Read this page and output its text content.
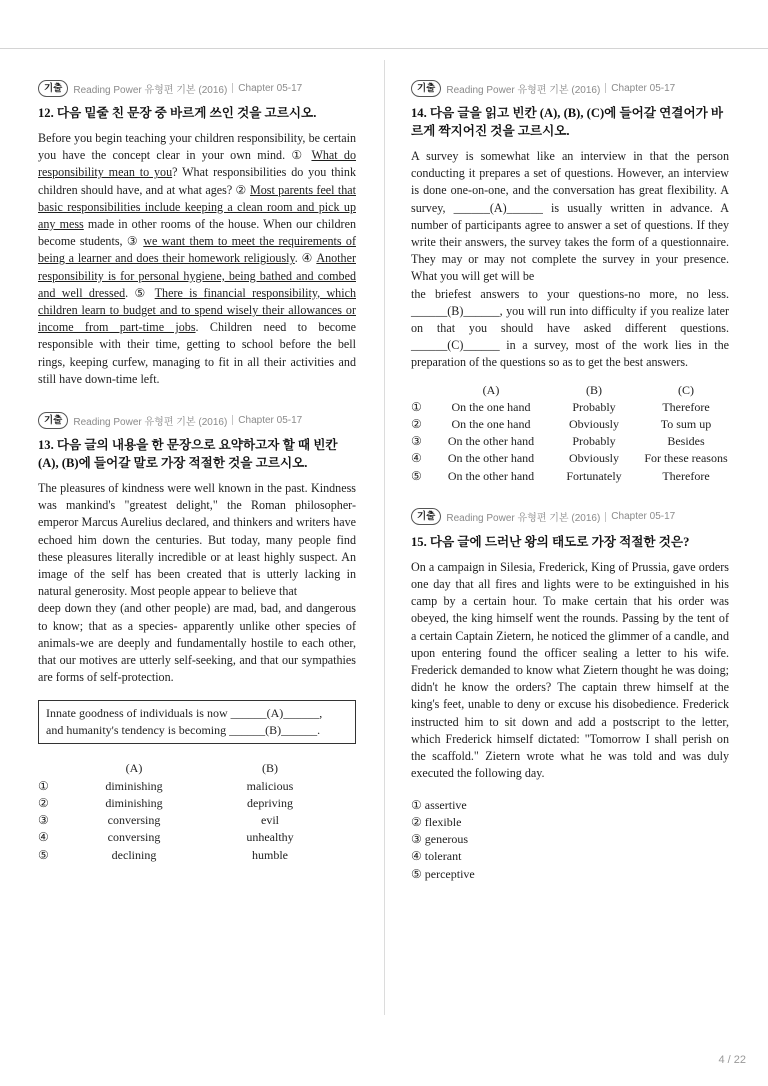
기출	Reading Power 유형편 기본 (2016) Chapter 05-17
12. 다음 밑줄 친 문장 중 바르게 쓰인 것을 고르시오.

Before you begin teaching your children responsibility, be certain you have the concept clear in your own mind. ① What do responsibility mean to you? What responsibilities do you think children should have, and at what ages? ② Most parents feel that basic responsibilities include keeping a clean room and pick up any mess made in other rooms of the house. When our children become students, ③ we want them to meet the requirements of being a learner and does their homework religiously. ④ Another responsibility is for personal hygiene, being bathed and combed and well dressed. ⑤ There is financial responsibility, which children learn to budget and to spend wisely their allowances or income from part-time jobs. Children need to become responsible with their time, getting to school before the bell rings, keeping curfew, managing to fit in all their activities and still have down-time left.

기출	Reading Power 유형편 기본 (2016) Chapter 05-17
13. 다음 글의 내용을 한 문장으로 요약하고자 할 때 빈칸 (A), (B)에 들어갈 말로 가장 적절한 것을 고르시오.

The pleasures of kindness were well known in the past. Kindness was mankind's "greatest delight," the Roman philosopher-emperor Marcus Aurelius declared, and thinkers and writers have echoed him down the centuries. But today, many people find these pleasures literally incredible or at least highly suspect. An image of the self has been created that is utterly lacking in natural generosity. Most people appear to believe that

deep down they (and other people) are mad, bad, and dangerous to know; that as a species- apparently unlike other species of animals-we are deeply and fundamentally hostile to each other, that our motives are utterly self-seeking, and that our sympathies are forms of self-protection.

Innate goodness of individuals is now ______(A)______,
and humanity's tendency is becoming ______(B)______.
	(A)	(B)
①	diminishing	malicious
②	diminishing	depriving
③	conversing	evil
④	conversing	unhealthy
⑤	declining	humble
기출	Reading Power 유형편 기본 (2016) Chapter 05-17
14. 다음 글을 읽고 빈칸 (A), (B), (C)에 들어갈 연결어가 바르게 짝지어진 것을 고르시오.

A survey is somewhat like an interview in that the person conducting it prepares a set of questions. However, an interview is done one-on-one, and the conversation has great flexibility. A survey, ______(A)______ is usually written in advance. A number of participants agree to answer a set of questions. If they write their answers, the survey takes the form of a questionnaire. They may or may not complete the survey in your presence. What you will get will be

the briefest answers to your questions-no more, no less. ______(B)______, you will run into difficulty if you realize later on that you should have asked different questions. ______(C)______ in a survey, most of the work lies in the preparation of the questions so as to get the best answers.

	(A)	(B)	(C)
①	On the one hand	Probably	Therefore
②	On the one hand	Obviously	To sum up
③	On the other hand	Probably	Besides
④	On the other hand	Obviously	For these reasons
⑤	On the other hand	Fortunately	Therefore
기출	Reading Power 유형편 기본 (2016) Chapter 05-17
15. 다음 글에 드러난 왕의 태도로 가장 적절한 것은?

On a campaign in Silesia, Frederick, King of Prussia, gave orders one day that all fires and lights were to be extinguished in his camp by a certain hour. To make certain that his order was obeyed, the king himself went the rounds. Passing by the tent of a certain Captain Zietern, he noticed the glimmer of a candle, and upon entering found the officer sealing a letter to his wife. Frederick demanded to know what Zietern thought he was doing; didn't he know the orders? The captain threw himself at the king's feet, unable to deny or excuse his disobedience. Frederick instructed him to sit down and add a postscript to the letter, which Frederick himself dictated: "Tomorrow I shall perish on the scaffold." Zietern wrote what he was told and was duly executed the following day.

① assertive
② flexible
③ generous
④ tolerant
⑤ perceptive
4 / 22
